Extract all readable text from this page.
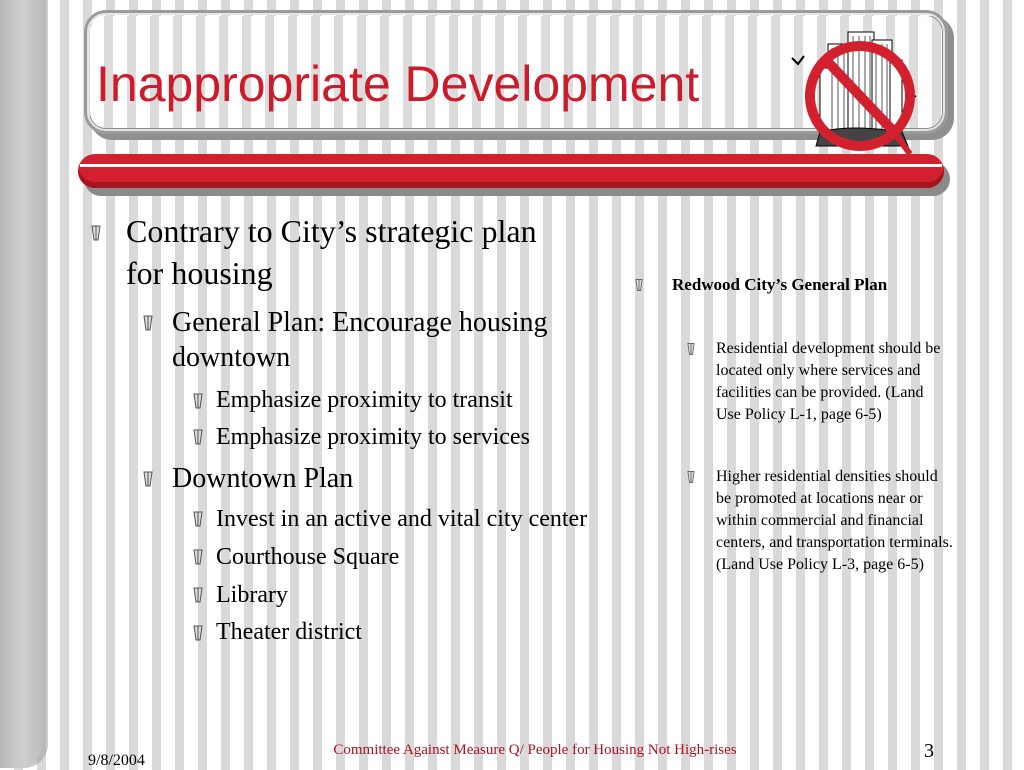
Inappropriate Development
Contrary to City’s strategic plan
for housing
General Plan: Encourage housing
downtown
Emphasize proximity to transit
Emphasize proximity to services
Downtown Plan
Invest in an active and vital city center
Courthouse Square
Library
Theater district
Redwood City’s General Plan
Residential development should be
located only where services and
facilities can be provided. (Land
Use Policy L-1, page 6-5)
Higher residential densities should
be promoted at locations near or
within commercial and financial
centers, and transportation terminals.
(Land Use Policy L-3, page 6-5)
9/8/2004
Committee Against Measure Q/ People for Housing Not High-rises	3
